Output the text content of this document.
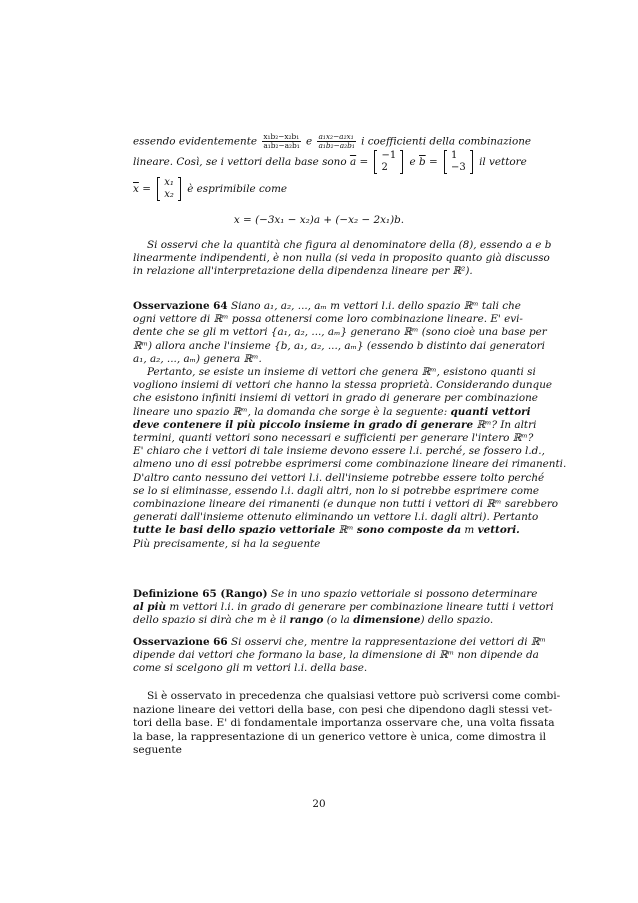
essendo evidentemente $\frac{\text{x₁b₂−x₂b₁}}{\text{a₁b₂−a₂b₁}}$ e $\frac{\text{a₁x₂−a₂x₁}}{\text{a₁b₂−a₂b₁}}$ i coefficienti della combinazione
lineare. Così, se i vettori della base sono $\overline{a}$ =
−1
2	e $\overline{b}$ =
1
−3 il vettore
$\overline{x}$ =
x₁
x₂ è esprimibile come
x = (−3x₁ − x₂)a + (−x₂ − 2x₁)b.
Si osservi che la quantità che figura al denominatore della (8), essendo a e b
linearmente indipendenti, è non nulla (si veda in proposito quanto già discusso
in relazione all'interpretazione della dipendenza lineare per ℝ²).
Osservazione 64 Siano a₁, a₂, ..., aₘ m vettori l.i. dello spazio ℝᵐ tali che
ogni vettore di ℝᵐ possa ottenersi come loro combinazione lineare. E' evi-
dente che se gli m vettori {a₁, a₂, ..., aₘ} generano ℝᵐ (sono cioè una base per
ℝᵐ) allora anche l'insieme {b, a₁, a₂, ..., aₘ} (essendo b distinto dai generatori
a₁, a₂, ..., aₘ) genera ℝᵐ.
Pertanto, se esiste un insieme di vettori che genera ℝᵐ, esistono quanti si
vogliono insiemi di vettori che hanno la stessa proprietà. Considerando dunque
che esistono infiniti insiemi di vettori in grado di generare per combinazione
lineare uno spazio ℝᵐ, la domanda che sorge è la seguente: quanti vettori
deve contenere il più piccolo insieme in grado di generare ℝᵐ? In altri
termini, quanti vettori sono necessari e sufficienti per generare l'intero ℝᵐ?
E' chiaro che i vettori di tale insieme devono essere l.i. perché, se fossero l.d.,
almeno uno di essi potrebbe esprimersi come combinazione lineare dei rimanenti.
D'altro canto nessuno dei vettori l.i. dell'insieme potrebbe essere tolto perché
se lo si eliminasse, essendo l.i. dagli altri, non lo si potrebbe esprimere come
combinazione lineare dei rimanenti (e dunque non tutti i vettori di ℝᵐ sarebbero
generati dall'insieme ottenuto eliminando un vettore l.i. dagli altri). Pertanto
tutte le basi dello spazio vettoriale ℝᵐ sono composte da m vettori.
Più precisamente, si ha la seguente
Definizione 65 (Rango) Se in uno spazio vettoriale si possono determinare
al più m vettori l.i. in grado di generare per combinazione lineare tutti i vettori
dello spazio si dirà che m è il rango (o la dimensione) dello spazio.
Osservazione 66 Si osservi che, mentre la rappresentazione dei vettori di ℝᵐ
dipende dai vettori che formano la base, la dimensione di ℝᵐ non dipende da
come si scelgono gli m vettori l.i. della base.
Si è osservato in precedenza che qualsiasi vettore può scriversi come combi-
nazione lineare dei vettori della base, con pesi che dipendono dagli stessi vet-
tori della base. E' di fondamentale importanza osservare che, una volta fissata
la base, la rappresentazione di un generico vettore è unica, come dimostra il
seguente
20
